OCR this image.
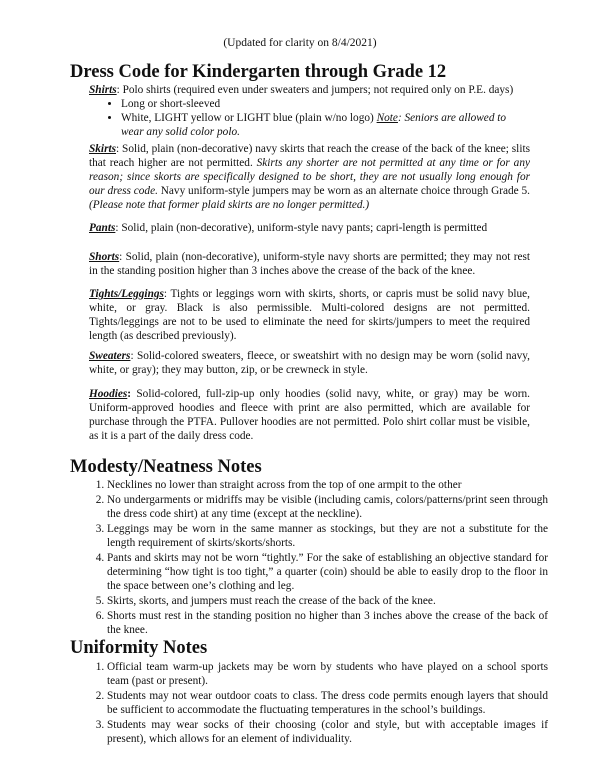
(Updated for clarity on 8/4/2021)
Dress Code for Kindergarten through Grade 12

Shirts: Polo shirts (required even under sweaters and jumpers; not required only on P.E. days)

• Long or short-sleeved
• White, LIGHT yellow or LIGHT blue (plain w/no logo) Note: Seniors are allowed to wear any solid color polo.

Skirts: Solid, plain (non-decorative) navy skirts that reach the crease of the back of the knee; slits that reach higher are not permitted. Skirts any shorter are not permitted at any time or for any reason; since skorts are specifically designed to be short, they are not usually long enough for our dress code. Navy uniform-style jumpers may be worn as an alternate choice through Grade 5. (Please note that former plaid skirts are no longer permitted.)

Pants: Solid, plain (non-decorative), uniform-style navy pants; capri-length is permitted

Shorts: Solid, plain (non-decorative), uniform-style navy shorts are permitted; they may not rest in the standing position higher than 3 inches above the crease of the back of the knee.

Tights/Leggings: Tights or leggings worn with skirts, shorts, or capris must be solid navy blue, white, or gray. Black is also permissible. Multi-colored designs are not permitted. Tights/leggings are not to be used to eliminate the need for skirts/jumpers to meet the required length (as described previously).

Sweaters: Solid-colored sweaters, fleece, or sweatshirt with no design may be worn (solid navy, white, or gray); they may button, zip, or be crewneck in style.

Hoodies: Solid-colored, full-zip-up only hoodies (solid navy, white, or gray) may be worn. Uniform-approved hoodies and fleece with print are also permitted, which are available for purchase through the PTFA. Pullover hoodies are not permitted. Polo shirt collar must be visible, as it is a part of the daily dress code.

Modesty/Neatness Notes
1. Necklines no lower than straight across from the top of one armpit to the other
2. No undergarments or midriffs may be visible (including camis, colors/patterns/print seen through the dress code shirt) at any time (except at the neckline).
3. Leggings may be worn in the same manner as stockings, but they are not a substitute for the length requirement of skirts/skorts/shorts.
4. Pants and skirts may not be worn “tightly.” For the sake of establishing an objective standard for determining “how tight is too tight,” a quarter (coin) should be able to easily drop to the floor in the space between one’s clothing and leg.
5. Skirts, skorts, and jumpers must reach the crease of the back of the knee.
6. Shorts must rest in the standing position no higher than 3 inches above the crease of the back of the knee.
Uniformity Notes
1. Official team warm-up jackets may be worn by students who have played on a school sports team (past or present).
2. Students may not wear outdoor coats to class. The dress code permits enough layers that should be sufficient to accommodate the fluctuating temperatures in the school’s buildings.
3. Students may wear socks of their choosing (color and style, but with acceptable images if present), which allows for an element of individuality.
